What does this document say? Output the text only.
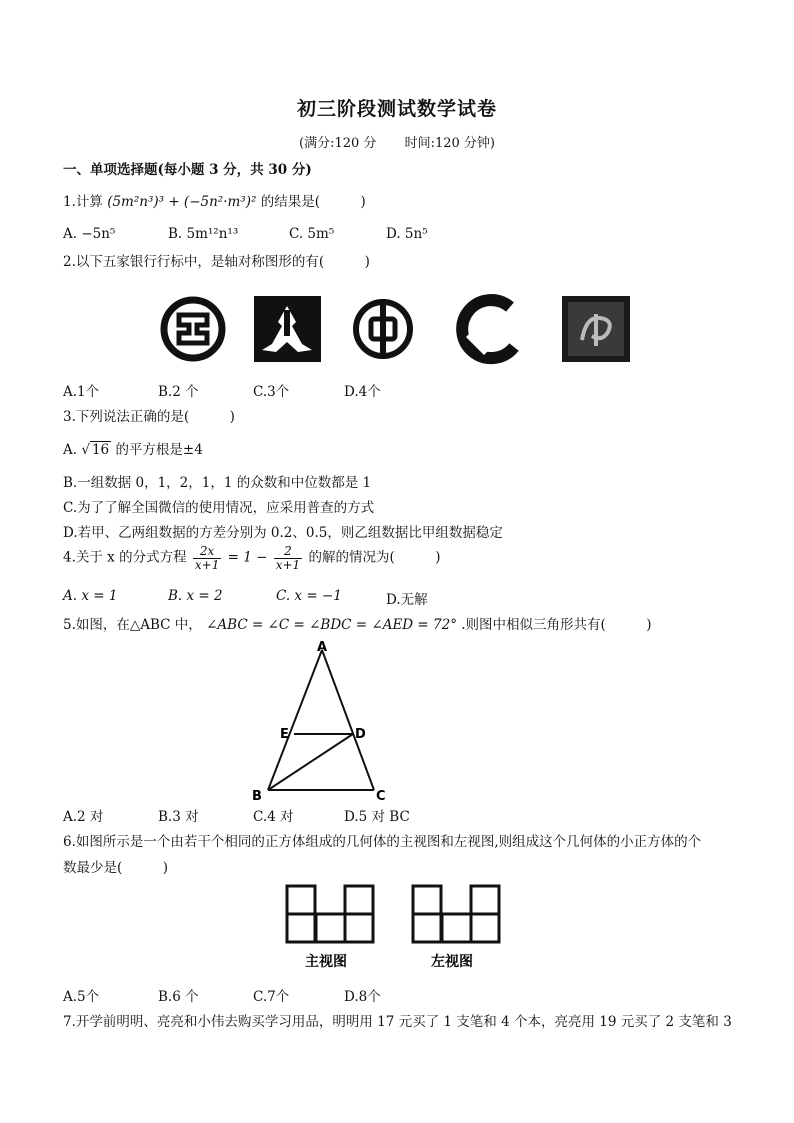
初三阶段测试数学试卷
(满分:120 分 时间:120 分钟)
一、单项选择题(每小题 3 分，共 30 分)
1.计算 (5m²n³)³ + (−5n²·m³)² 的结果是(　　　)
A. −5n⁵	B. 5m¹²n¹³	C. 5m⁵	D. 5n⁵
2.以下五家银行行标中，是轴对称图形的有(　　　)
A.1个	B.2 个	C.3个	D.4个
3.下列说法正确的是(　　　)
A. √ 16 的平方根是±4
B.一组数据 0，1，2，1，1 的众数和中位数都是 1
C.为了了解全国微信的使用情况，应采用普查的方式
D.若甲、乙两组数据的方差分别为 0.2、0.5，则乙组数据比甲组数据稳定
4.关于 x 的分式方程 $\frac{2x}{x+1} = 1 - \frac{2}{x+1}$ 的解的情况为(　　　)
A. x = 1	B. x = 2	C. x = −1	D.无解
5.如图，在△ABC 中， ∠ABC = ∠C = ∠BDC = ∠AED = 72° .则图中相似三角形共有(　　　)
A
B	C
D
E
A.2 对	B.3 对	C.4 对	D.5 对 BC
6.如图所示是一个由若干个相同的正方体组成的几何体的主视图和左视图,则组成这个几何体的小正方体的个
数最少是(　　　)
主视图	左视图
A.5个	B.6 个	C.7个	D.8个
7.开学前明明、亮亮和小伟去购买学习用品，明明用 17 元买了 1 支笔和 4 个本，亮亮用 19 元买了 2 支笔和 3
